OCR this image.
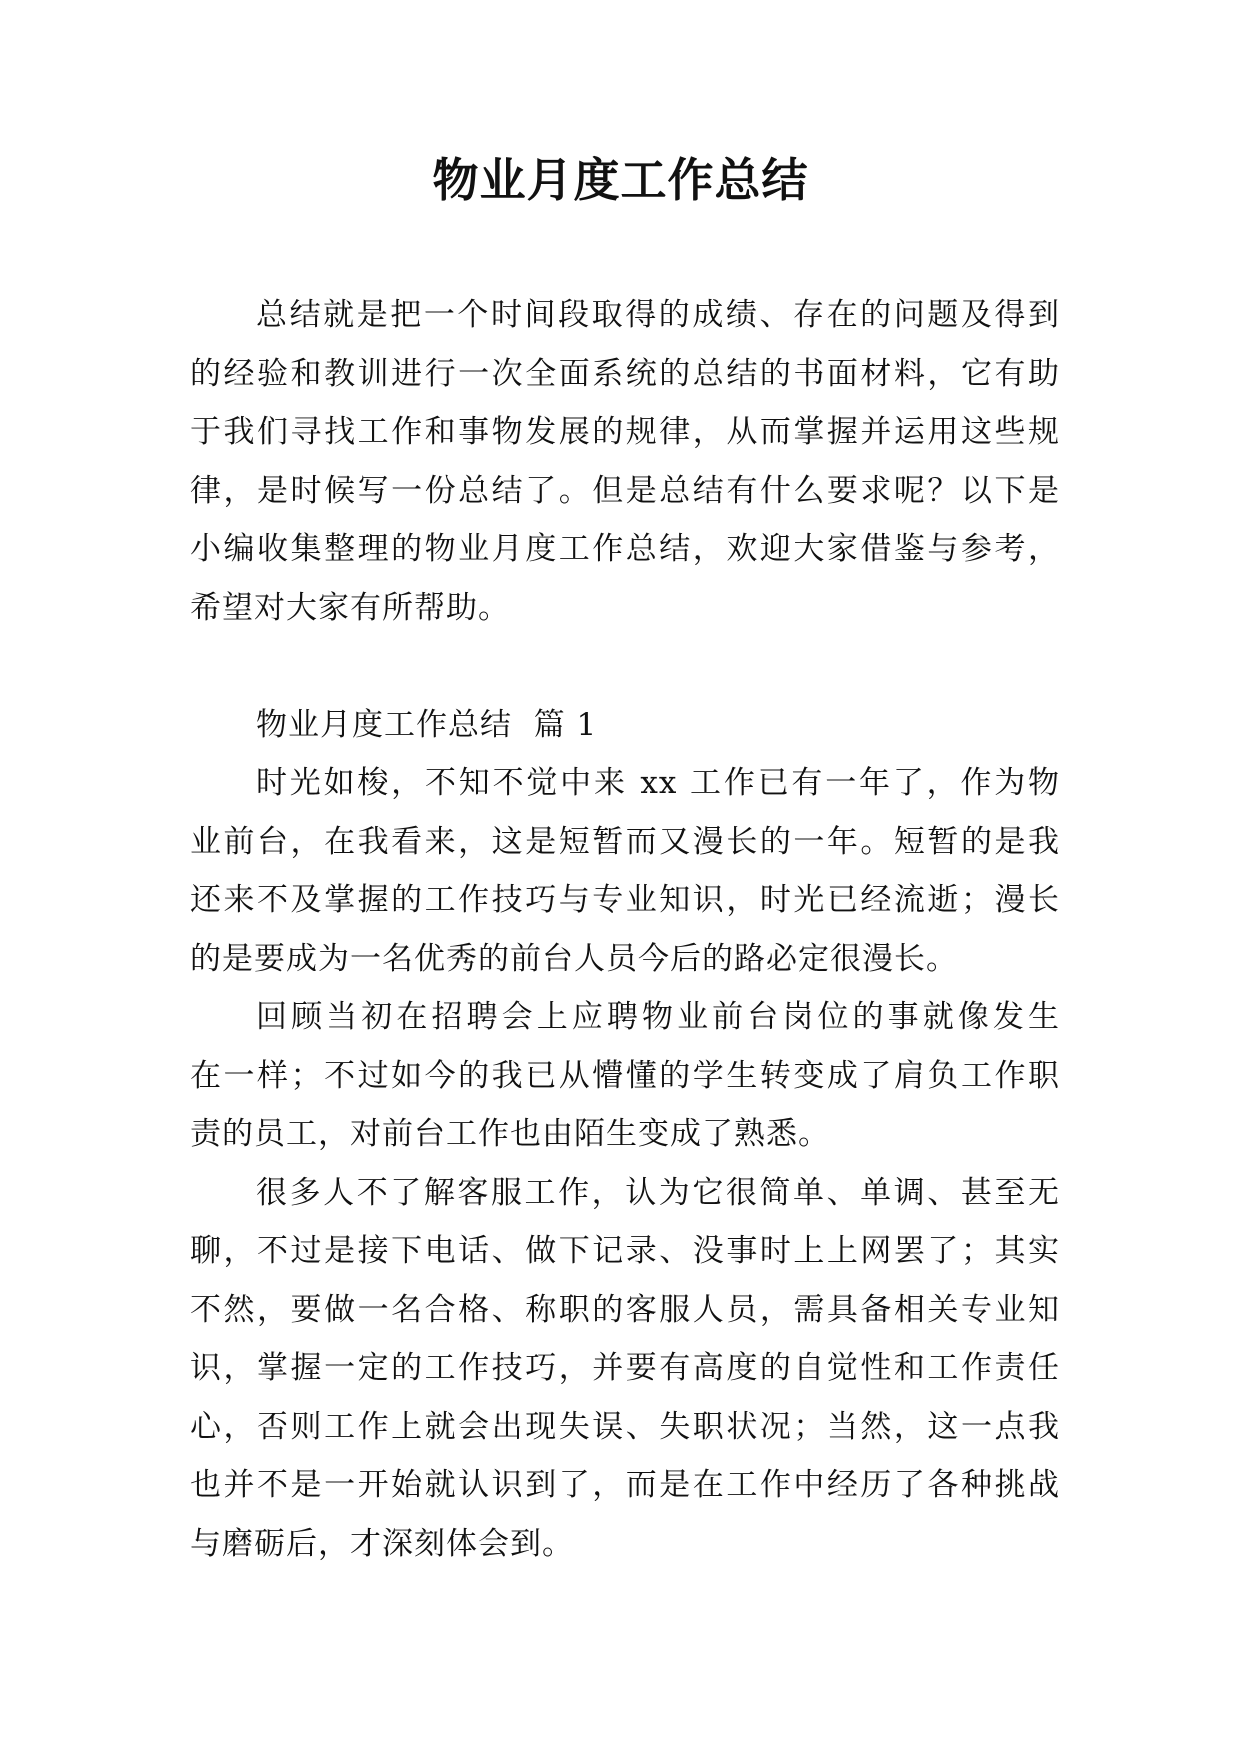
物业月度工作总结
总结就是把一个时间段取得的成绩、存在的问题及得到
的经验和教训进行一次全面系统的总结的书面材料，它有助
于我们寻找工作和事物发展的规律，从而掌握并运用这些规
律，是时候写一份总结了。但是总结有什么要求呢？以下是
小编收集整理的物业月度工作总结，欢迎大家借鉴与参考，
希望对大家有所帮助。
物业月度工作总结  篇 1
时光如梭，不知不觉中来 xx 工作已有一年了，作为物
业前台，在我看来，这是短暂而又漫长的一年。短暂的是我
还来不及掌握的工作技巧与专业知识，时光已经流逝；漫长
的是要成为一名优秀的前台人员今后的路必定很漫长。
回顾当初在招聘会上应聘物业前台岗位的事就像发生
在一样；不过如今的我已从懵懂的学生转变成了肩负工作职
责的员工，对前台工作也由陌生变成了熟悉。
很多人不了解客服工作，认为它很简单、单调、甚至无
聊，不过是接下电话、做下记录、没事时上上网罢了；其实
不然，要做一名合格、称职的客服人员，需具备相关专业知
识，掌握一定的工作技巧，并要有高度的自觉性和工作责任
心，否则工作上就会出现失误、失职状况；当然，这一点我
也并不是一开始就认识到了，而是在工作中经历了各种挑战
与磨砺后，才深刻体会到。
